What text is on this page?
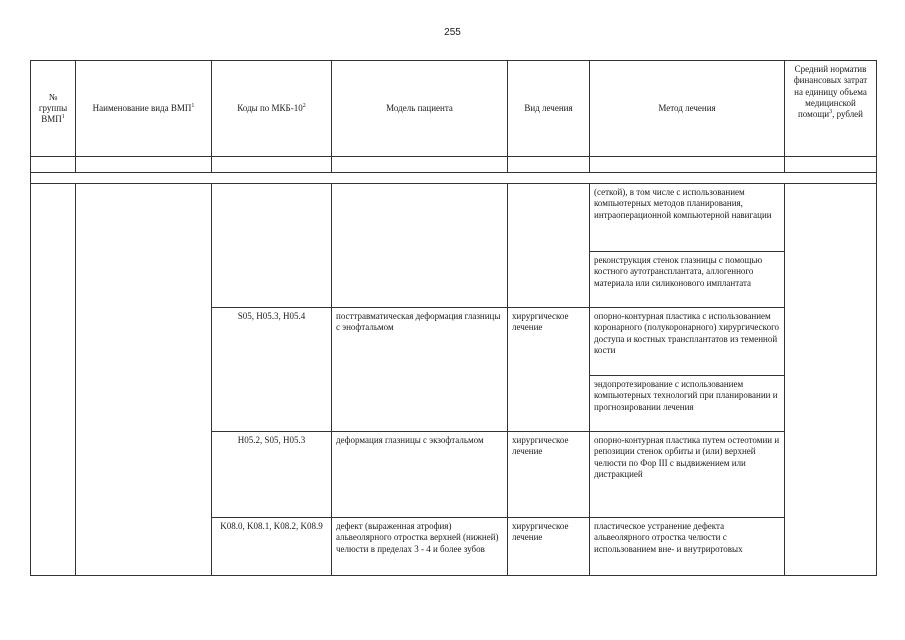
255
№ группы ВМП$^1$	Наименование вида ВМП$^1$	Коды по МКБ-$10^2$	Модель пациента	Вид лечения	Метод лечения	Средний норматив финансовых затрат на единицу объема медицинской помощи$^3$, рублей

					(сеткой), в том числе с использованием компьютерных методов планирования, интраоперационной компьютерной навигации	
					реконструкция стенок глазницы с помощью костного аутотрансплантата, аллогенного материала или силиконового имплантата	
		S05, H05.3, H05.4	посттравматическая деформация глазницы с энофтальмом	хирургическое лечение	опорно-контурная пластика с использованием коронарного (полукоронарного) хирургического доступа и костных трансплантатов из теменной кости	
					эндопротезирование с использованием компьютерных технологий при планировании и прогнозировании лечения	
		H05.2, S05, H05.3	деформация глазницы с экзофтальмом	хирургическое лечение	опорно-контурная пластика путем остеотомии и репозиции стенок орбиты и (или) верхней челюсти по Фор III с выдвижением или дистракцией	
		K08.0, K08.1, K08.2, K08.9	дефект (выраженная атрофия) альвеолярного отростка верхней (нижней) челюсти в пределах 3 - 4 и более зубов	хирургическое лечение	пластическое устранение дефекта альвеолярного отростка челюсти с использованием вне- и внутриротовых	
